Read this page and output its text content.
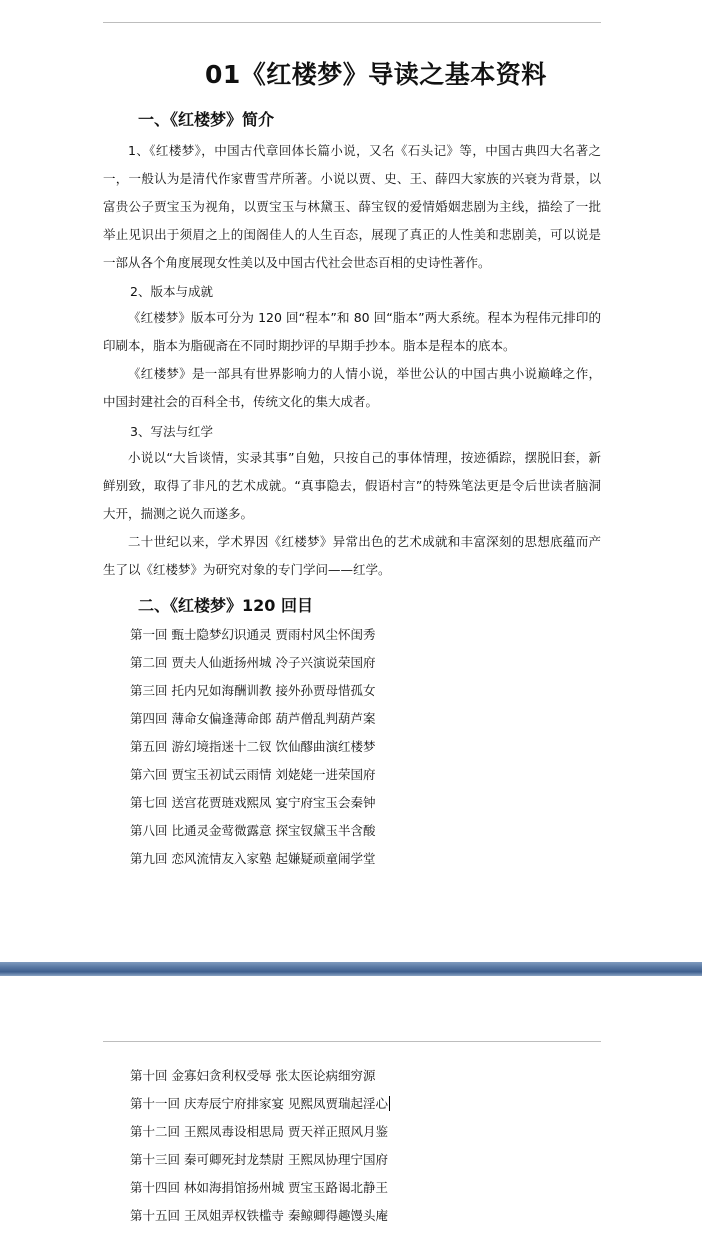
01《红楼梦》导读之基本资料
一、《红楼梦》简介

1、《红楼梦》，中国古代章回体长篇小说，又名《石头记》等，中国古典四大名著之一，一般认为是清代作家曹雪芹所著。小说以贾、史、王、薛四大家族的兴衰为背景，以富贵公子贾宝玉为视角，以贾宝玉与林黛玉、薛宝钗的爱情婚姻悲剧为主线，描绘了一批举止见识出于须眉之上的闺阁佳人的人生百态，展现了真正的人性美和悲剧美，可以说是一部从各个角度展现女性美以及中国古代社会世态百相的史诗性著作。

2、版本与成就

《红楼梦》版本可分为 120 回“程本”和 80 回“脂本”两大系统。程本为程伟元排印的印刷本，脂本为脂砚斋在不同时期抄评的早期手抄本。脂本是程本的底本。

《红楼梦》是一部具有世界影响力的人情小说，举世公认的中国古典小说巅峰之作，中国封建社会的百科全书，传统文化的集大成者。

3、写法与红学

小说以“大旨谈情，实录其事”自勉，只按自己的事体情理，按迹循踪，摆脱旧套，新鲜别致，取得了非凡的艺术成就。“真事隐去，假语村言”的特殊笔法更是令后世读者脑洞大开，揣测之说久而遂多。

二十世纪以来，学术界因《红楼梦》异常出色的艺术成就和丰富深刻的思想底蕴而产生了以《红楼梦》为研究对象的专门学问——红学。

二、《红楼梦》120 回目
第一回 甄士隐梦幻识通灵 贾雨村风尘怀闺秀
第二回 贾夫人仙逝扬州城 冷子兴演说荣国府
第三回 托内兄如海酬训教 接外孙贾母惜孤女
第四回 薄命女偏逢薄命郎 葫芦僧乱判葫芦案
第五回 游幻境指迷十二钗 饮仙醪曲演红楼梦
第六回 贾宝玉初试云雨情 刘姥姥一进荣国府
第七回 送宫花贾琏戏熙凤 宴宁府宝玉会秦钟
第八回 比通灵金莺微露意 探宝钗黛玉半含酸
第九回 恋风流情友入家塾 起嫌疑顽童闹学堂
第十回 金寡妇贪利权受辱 张太医论病细穷源
第十一回 庆寿辰宁府排家宴 见熙凤贾瑞起淫心
第十二回 王熙凤毒设相思局 贾天祥正照风月鉴
第十三回 秦可卿死封龙禁尉 王熙凤协理宁国府
第十四回 林如海捐馆扬州城 贾宝玉路谒北静王
第十五回 王凤姐弄权铁槛寺 秦鲸卿得趣馒头庵
